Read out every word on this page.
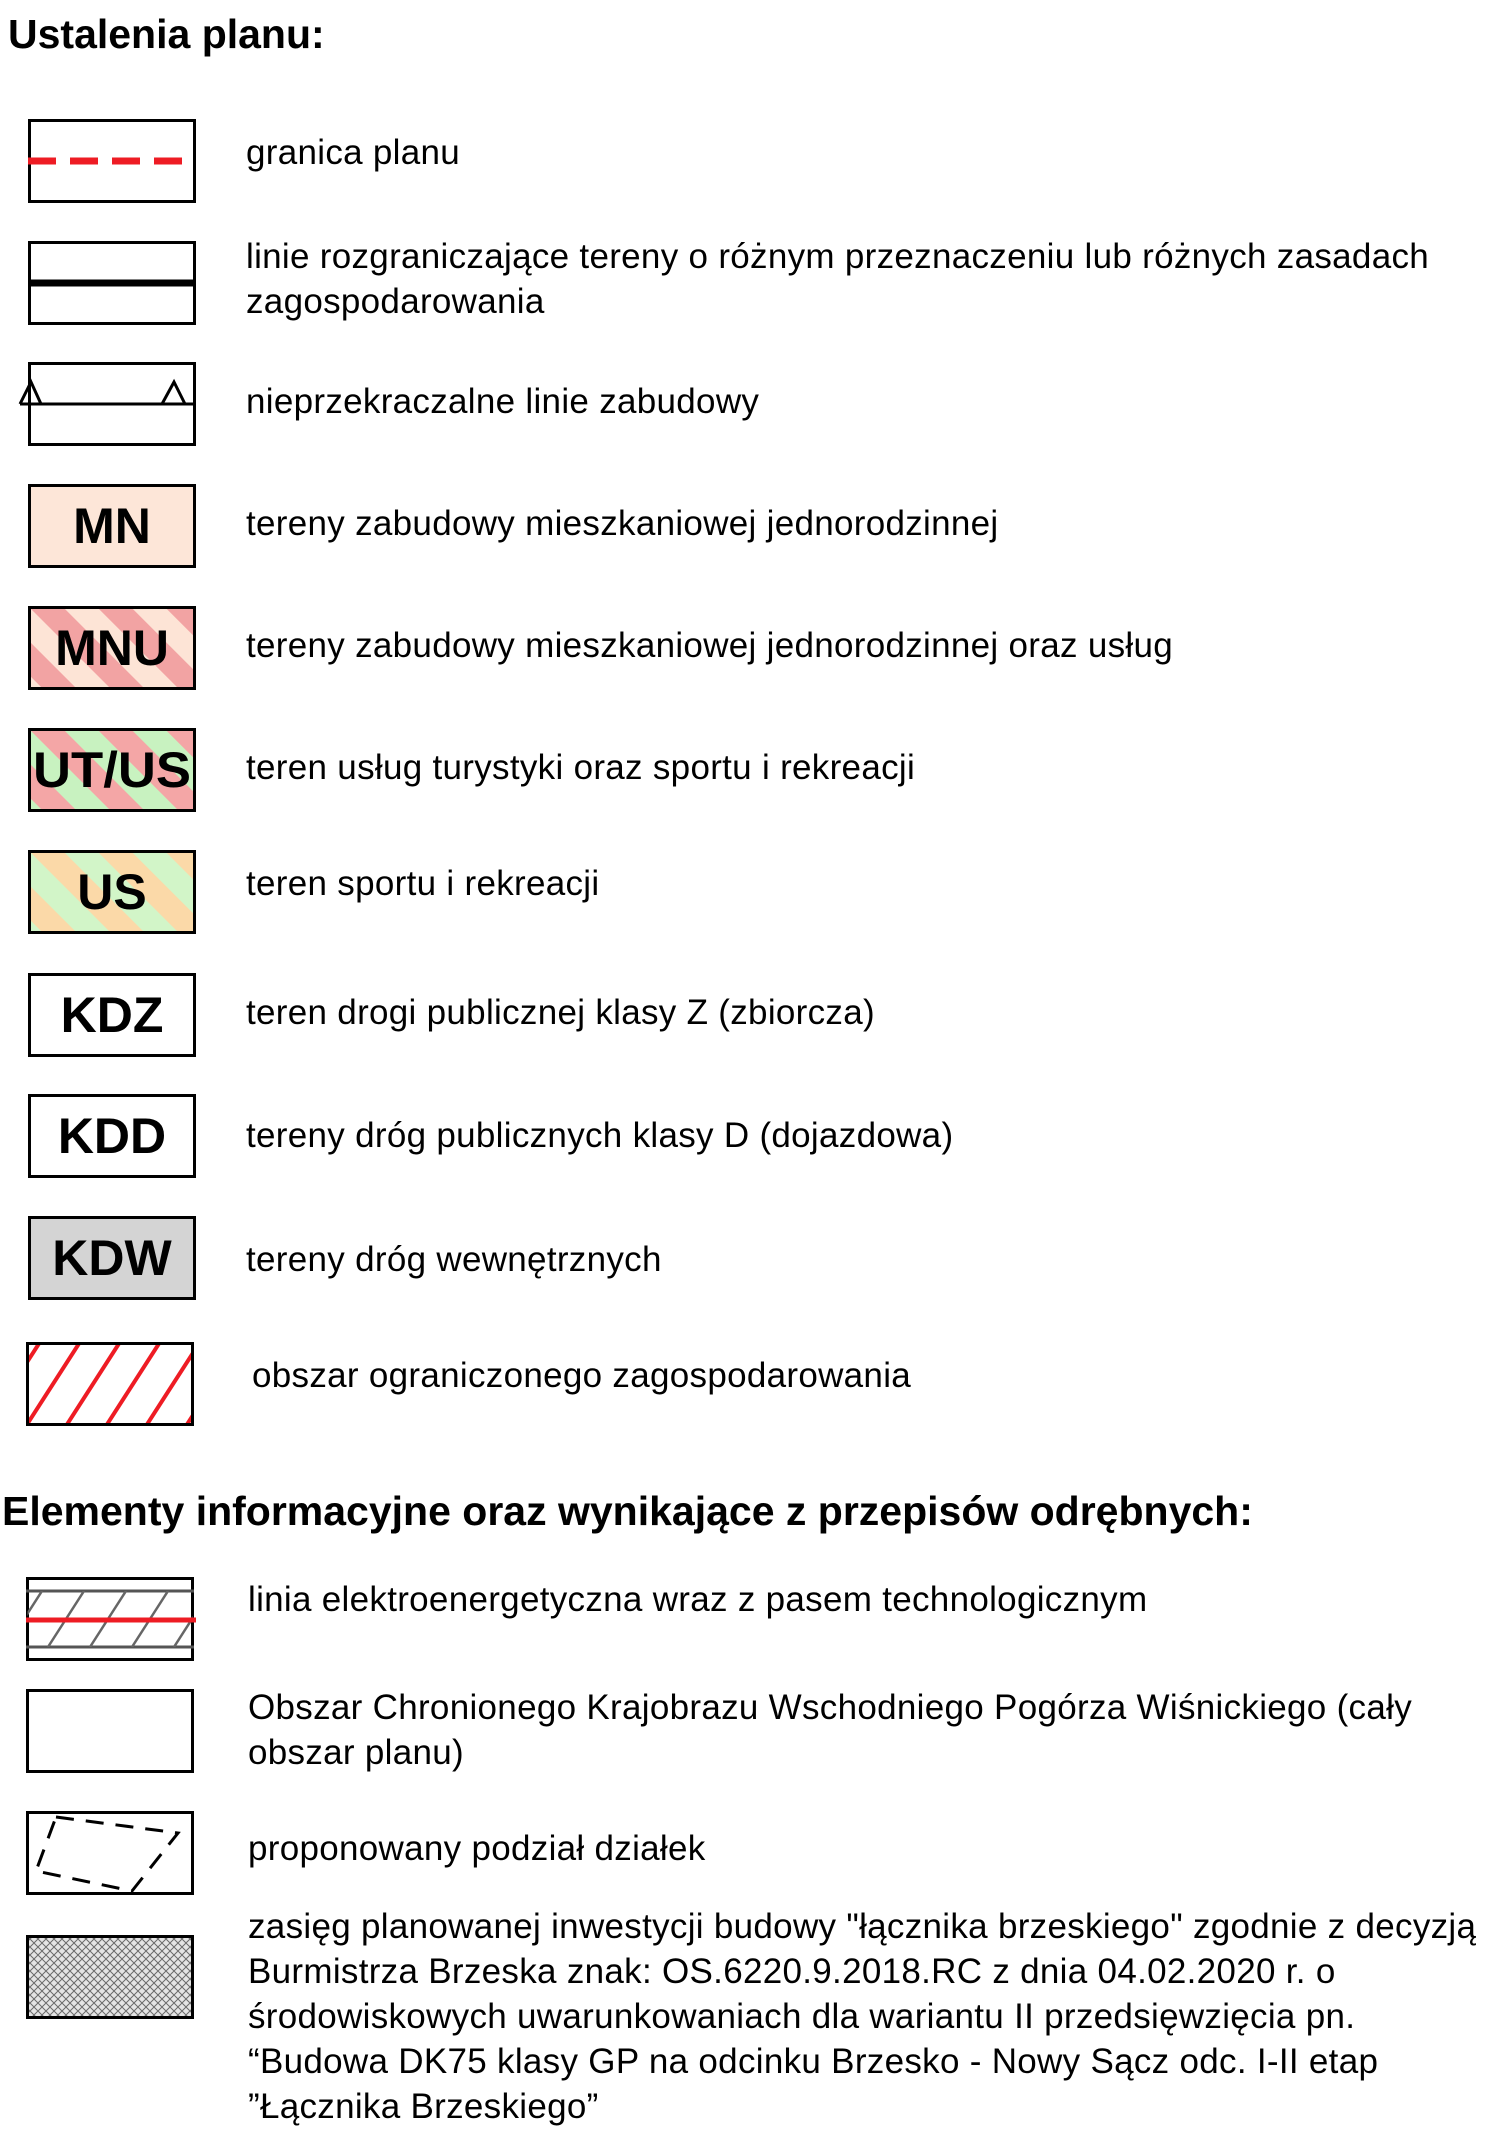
Ustalenia planu:
granica planu
linie rozgraniczające tereny o różnym przeznaczeniu lub różnych zasadach zagospodarowania
nieprzekraczalne linie zabudowy
MN	tereny zabudowy mieszkaniowej jednorodzinnej
MNU tereny zabudowy mieszkaniowej jednorodzinnej oraz usług
UT/US teren usług turystyki oraz sportu i rekreacji
US	teren sportu i rekreacji
KDZ teren drogi publicznej klasy Z (zbiorcza)
KDD tereny dróg publicznych klasy D (dojazdowa)
KDW tereny dróg wewnętrznych
obszar ograniczonego zagospodarowania
Elementy informacyjne oraz wynikające z przepisów odrębnych:
linia elektroenergetyczna wraz z pasem technologicznym
Obszar Chronionego Krajobrazu Wschodniego Pogórza Wiśnickiego (cały obszar planu)
proponowany podział działek
zasięg planowanej inwestycji budowy "łącznika brzeskiego" zgodnie z decyzją Burmistrza Brzeska znak: OS.6220.9.2018.RC z dnia 04.02.2020 r. o środowiskowych uwarunkowaniach dla wariantu II przedsięwzięcia pn. “Budowa DK75 klasy GP na odcinku Brzesko - Nowy Sącz odc. I-II etap ”Łącznika Brzeskiego”
